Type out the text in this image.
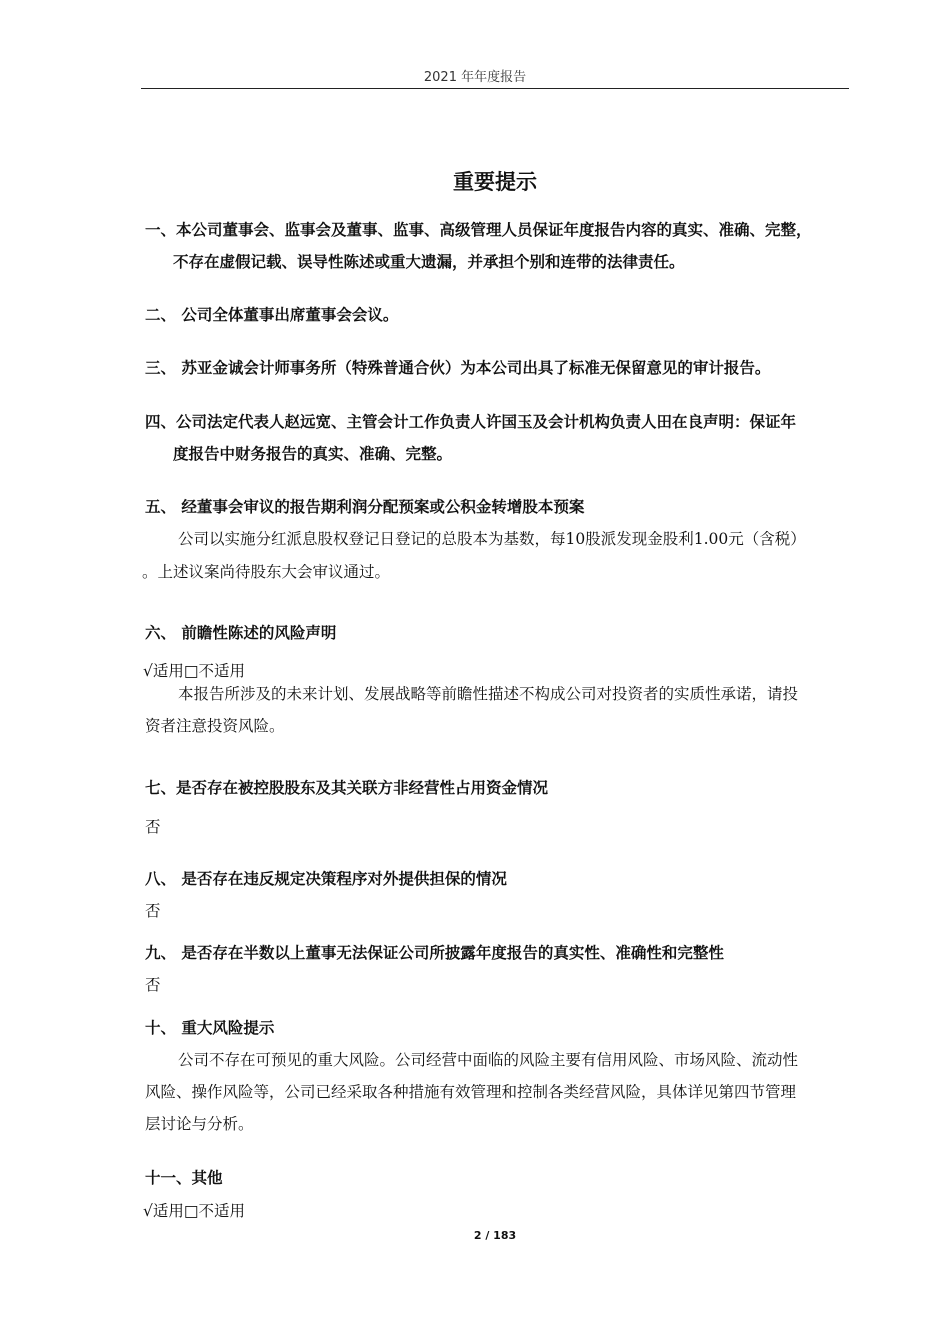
2021 年年度报告
重要提示
一、本公司董事会、监事会及董事、监事、高级管理人员保证年度报告内容的真实、准确、完整，
不存在虚假记载、误导性陈述或重大遗漏，并承担个别和连带的法律责任。
二、 公司全体董事出席董事会会议。
三、 苏亚金诚会计师事务所（特殊普通合伙）为本公司出具了标准无保留意见的审计报告。
四、公司法定代表人赵远宽、主管会计工作负责人许国玉及会计机构负责人田在良声明：保证年
度报告中财务报告的真实、准确、完整。
五、 经董事会审议的报告期利润分配预案或公积金转增股本预案
公司以实施分红派息股权登记日登记的总股本为基数，每10股派发现金股利1.00元（含税）
。上述议案尚待股东大会审议通过。
六、 前瞻性陈述的风险声明
√适用□不适用
本报告所涉及的未来计划、发展战略等前瞻性描述不构成公司对投资者的实质性承诺，请投
资者注意投资风险。
七、是否存在被控股股东及其关联方非经营性占用资金情况
否
八、 是否存在违反规定决策程序对外提供担保的情况
否
九、 是否存在半数以上董事无法保证公司所披露年度报告的真实性、准确性和完整性
否
十、 重大风险提示
公司不存在可预见的重大风险。公司经营中面临的风险主要有信用风险、市场风险、流动性
风险、操作风险等，公司已经采取各种措施有效管理和控制各类经营风险，具体详见第四节管理
层讨论与分析。
十一、其他
√适用□不适用
2 / 183
